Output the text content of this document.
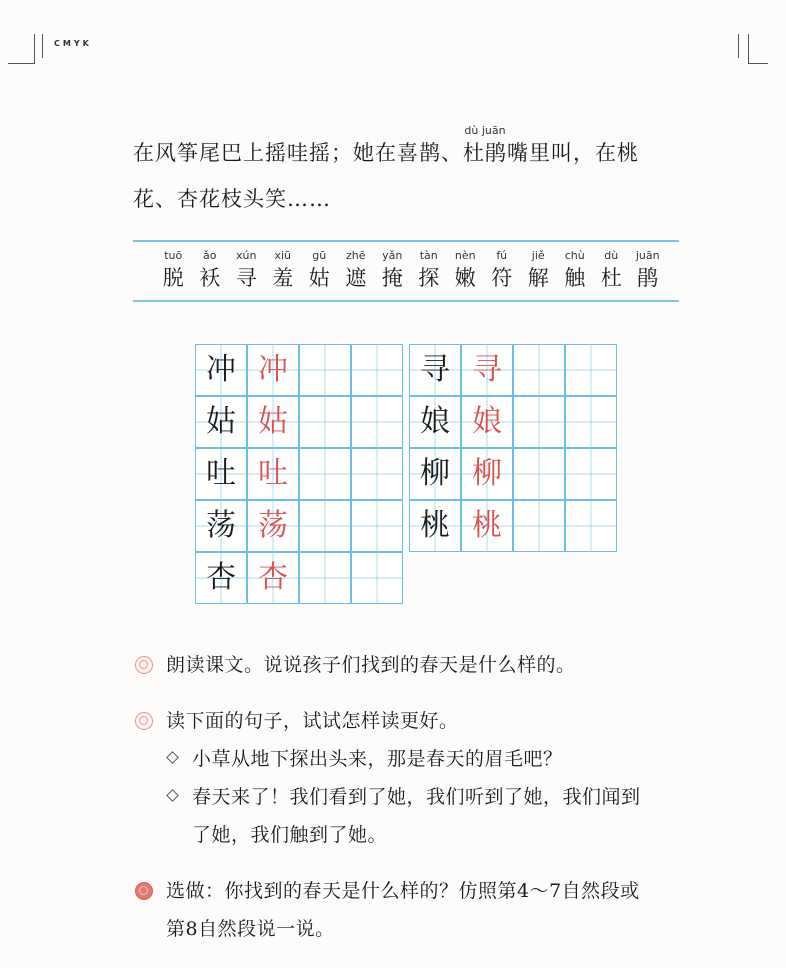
CMYK
在风筝尾巴上摇哇摇；她在喜鹊、
dù juān
杜鹃嘴里叫，在桃
花、杏花枝头笑……
tuō
脱
ǎo
袄
xún
寻
xiū
羞
gū
姑
zhē
遮
yǎn
掩
tàn
探
nèn
嫩
fú
符
jiě
解
chù
触
dù
杜
juān
鹃
冲 冲
姑 姑
吐 吐
荡 荡
杏 杏
寻 寻
娘 娘
柳 柳
桃 桃
朗读课文。说说孩子们找到的春天是什么样的。
读下面的句子，试试怎样读更好。
小草从地下探出头来，那是春天的眉毛吧？
春天来了！我们看到了她，我们听到了她，我们闻到
了她，我们触到了她。
选做：你找到的春天是什么样的？仿照第4～7自然段或
第8自然段说一说。
